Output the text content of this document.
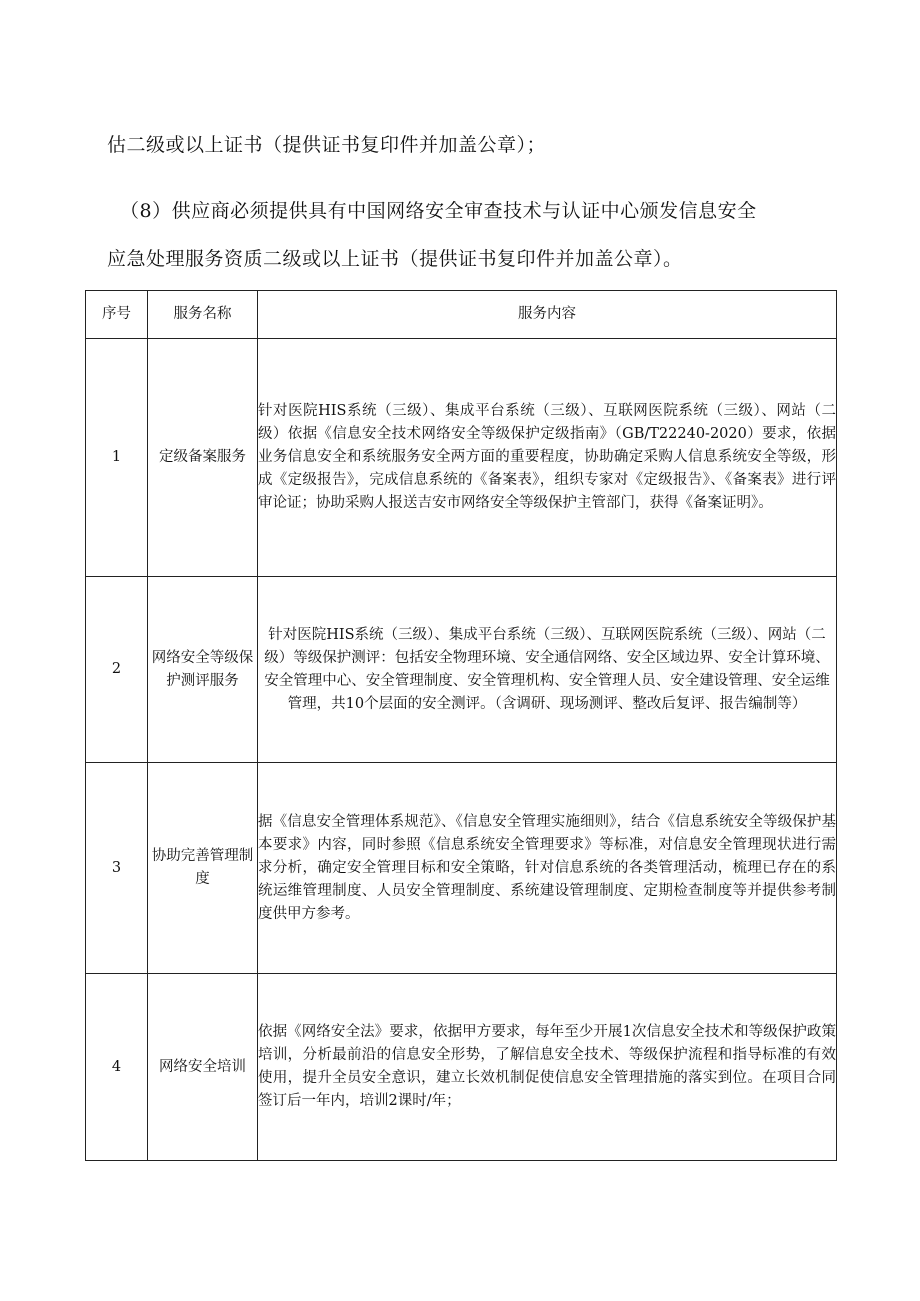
估二级或以上证书（提供证书复印件并加盖公章）；
（8）供应商必须提供具有中国网络安全审查技术与认证中心颁发信息安全
应急处理服务资质二级或以上证书（提供证书复印件并加盖公章）。
序号	服务名称	服务内容
1	定级备案服务	针对医院HIS系统（三级）、集成平台系统（三级）、互联网医院系统（三级）、网站（二级）依据《信息安全技术网络安全等级保护定级指南》（GB/T22240-2020）要求，依据业务信息安全和系统服务安全两方面的重要程度，协助确定采购人信息系统安全等级，形成《定级报告》，完成信息系统的《备案表》，组织专家对《定级报告》、《备案表》进行评审论证；协助采购人报送吉安市网络安全等级保护主管部门，获得《备案证明》。
2	网络安全等级保护测评服务	针对医院HIS系统（三级）、集成平台系统（三级）、互联网医院系统（三级）、网站（二级）等级保护测评：包括安全物理环境、安全通信网络、安全区域边界、安全计算环境、安全管理中心、安全管理制度、安全管理机构、安全管理人员、安全建设管理、安全运维管理，共10个层面的安全测评。（含调研、现场测评、整改后复评、报告编制等）
3	协助完善管理制度	据《信息安全管理体系规范》、《信息安全管理实施细则》，结合《信息系统安全等级保护基本要求》内容，同时参照《信息系统安全管理要求》等标准，对信息安全管理现状进行需求分析，确定安全管理目标和安全策略，针对信息系统的各类管理活动，梳理已存在的系统运维管理制度、人员安全管理制度、系统建设管理制度、定期检查制度等并提供参考制度供甲方参考。
4	网络安全培训	依据《网络安全法》要求，依据甲方要求，每年至少开展1次信息安全技术和等级保护政策培训，分析最前沿的信息安全形势，了解信息安全技术、等级保护流程和指导标准的有效使用，提升全员安全意识，建立长效机制促使信息安全管理措施的落实到位。在项目合同签订后一年内，培训2课时/年；
